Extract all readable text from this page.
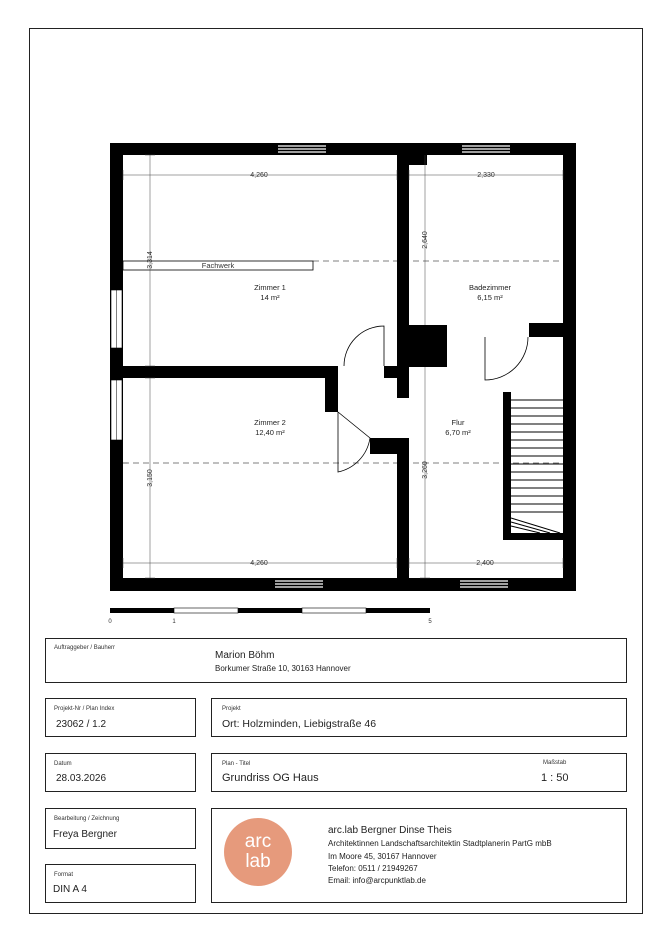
4,260	2,330
4,260	2,400
3,314
3,150
2,640
3,260
Fachwerk
Zimmer 1
14 m²
Badezimmer
6,15 m²
Zimmer 2
12,40 m²
Flur
6,70 m²
0	1	5
Auftraggeber / Bauherr
Marion Böhm
Borkumer Straße 10, 30163 Hannover
Projekt-Nr / Plan Index
23062 / 1.2
Projekt
Ort: Holzminden, Liebigstraße 46
Datum
28.03.2026
Plan - Titel
Grundriss OG Haus
Maßstab
1 : 50
Bearbeitung / Zeichnung
Freya Bergner
Format
DIN A 4
arc
lab
arc.lab Bergner Dinse Theis
Architektinnen Landschaftsarchitektin Stadtplanerin PartG mbB
Im Moore 45, 30167 Hannover
Telefon: 0511 / 21949267
Email: info@arcpunktlab.de
